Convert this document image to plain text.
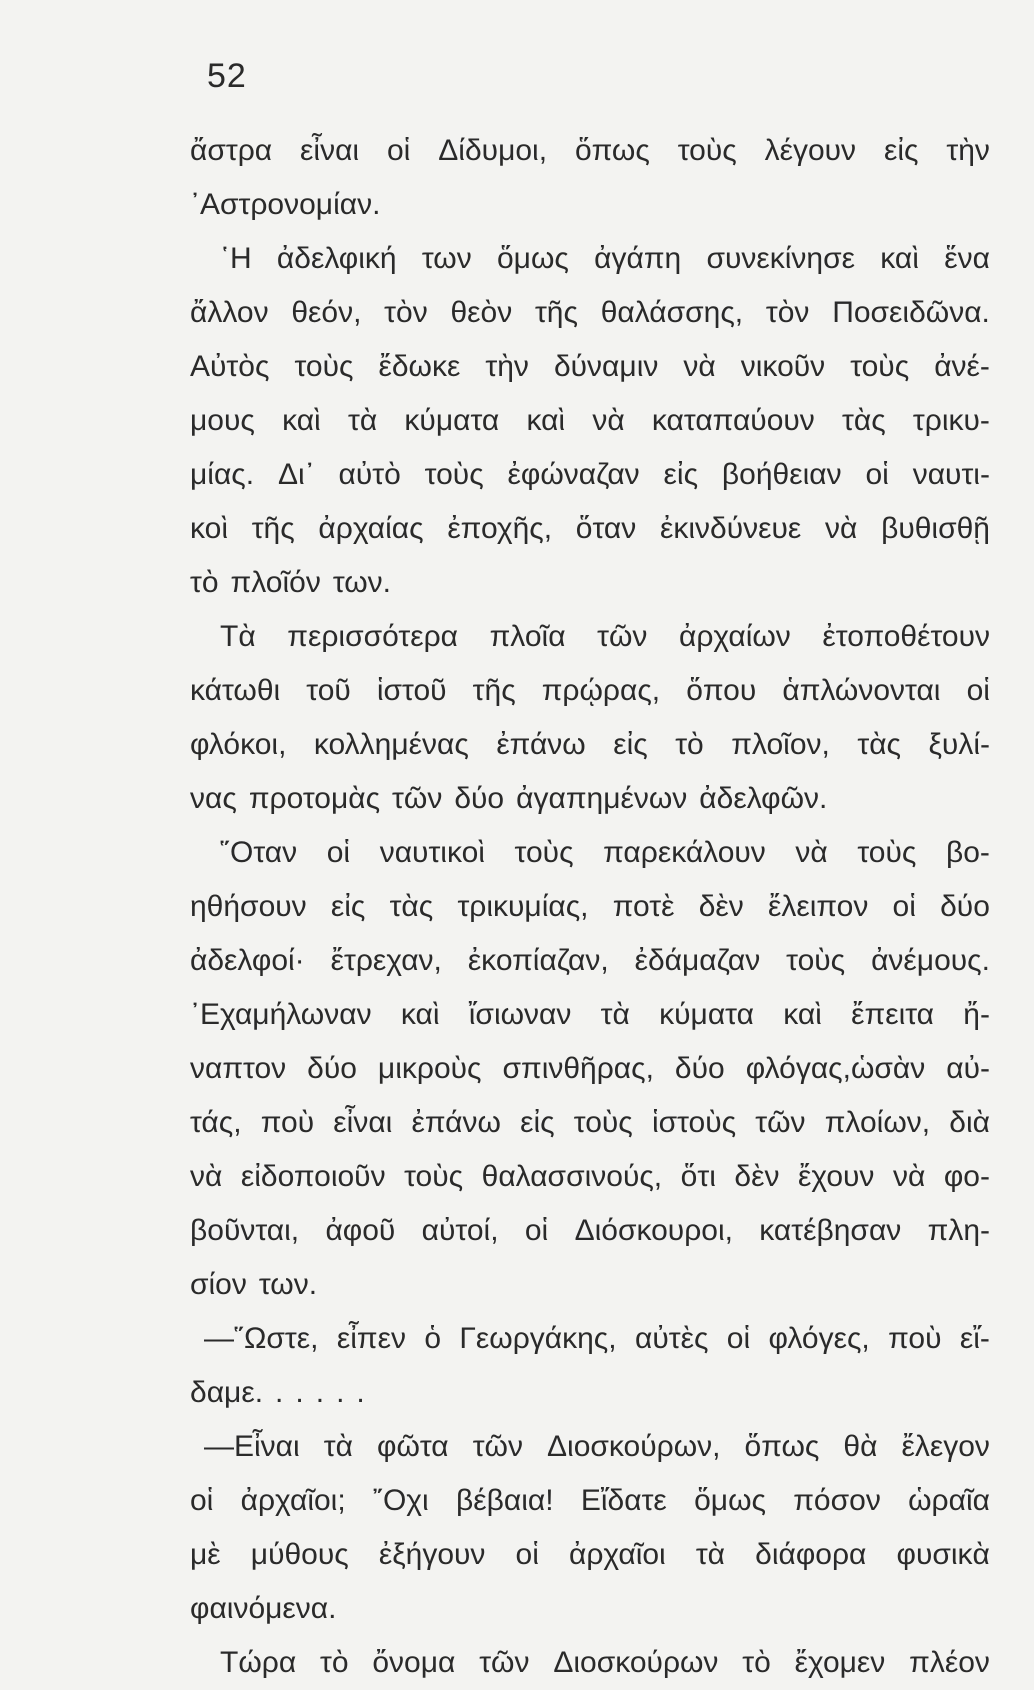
52
ἄστρα εἶναι οἱ Δίδυμοι, ὅπως τοὺς λέγουν εἰς τὴν
᾿Αστρονομίαν.
῾Η ἀδελφική των ὅμως ἀγάπη συνεκίνησε καὶ ἕνα
ἄλλον θεόν, τὸν θεὸν τῆς θαλάσσης, τὸν Ποσειδῶνα.
Αὐτὸς τοὺς ἔδωκε τὴν δύναμιν νὰ νικοῦν τοὺς ἀνέ-
μους καὶ τὰ κύματα καὶ νὰ καταπαύουν τὰς τρικυ-
μίας. Δι᾿ αὐτὸ τοὺς ἐφώναζαν εἰς βοήθειαν οἱ ναυτι-
κοὶ τῆς ἀρχαίας ἐποχῆς, ὅταν ἐκινδύνευε νὰ βυθισθῇ
τὸ πλοῖόν των.
Τὰ περισσότερα πλοῖα τῶν ἀρχαίων ἐτοποθέτουν
κάτωθι τοῦ ἱστοῦ τῆς πρῴρας, ὅπου ἁπλώνονται οἱ
φλόκοι, κολλημένας ἐπάνω εἰς τὸ πλοῖον, τὰς ξυλί-
νας προτομὰς τῶν δύο ἀγαπημένων ἀδελφῶν.
῞Οταν οἱ ναυτικοὶ τοὺς παρεκάλουν νὰ τοὺς βο-
ηθήσουν εἰς τὰς τρικυμίας, ποτὲ δὲν ἔλειπον οἱ δύο
ἀδελφοί· ἔτρεχαν, ἐκοπίαζαν, ἐδάμαζαν τοὺς ἀνέμους.
᾿Εχαμήλωναν καὶ ἴσιωναν τὰ κύματα καὶ ἔπειτα ἤ-
ναπτον δύο μικροὺς σπινθῆρας, δύο φλόγας,ὡσὰν αὐ-
τάς, ποὺ εἶναι ἐπάνω εἰς τοὺς ἱστοὺς τῶν πλοίων, διὰ
νὰ εἰδοποιοῦν τοὺς θαλασσινούς, ὅτι δὲν ἔχουν νὰ φο-
βοῦνται, ἀφοῦ αὐτοί, οἱ Διόσκουροι, κατέβησαν πλη-
σίον των.
—῞Ωστε, εἶπεν ὁ Γεωργάκης, αὐτὲς οἱ φλόγες, ποὺ εἴ-
δαμε. . . . . .
—Εἶναι τὰ φῶτα τῶν Διοσκούρων, ὅπως θὰ ἔλεγον
οἱ ἀρχαῖοι; ῎Οχι βέβαια! Εἴδατε ὅμως πόσον ὡραῖα
μὲ μύθους ἐξήγουν οἱ ἀρχαῖοι τὰ διάφορα φυσικὰ
φαινόμενα.
Τώρα τὸ ὄνομα τῶν Διοσκούρων τὸ ἔχομεν πλέον
